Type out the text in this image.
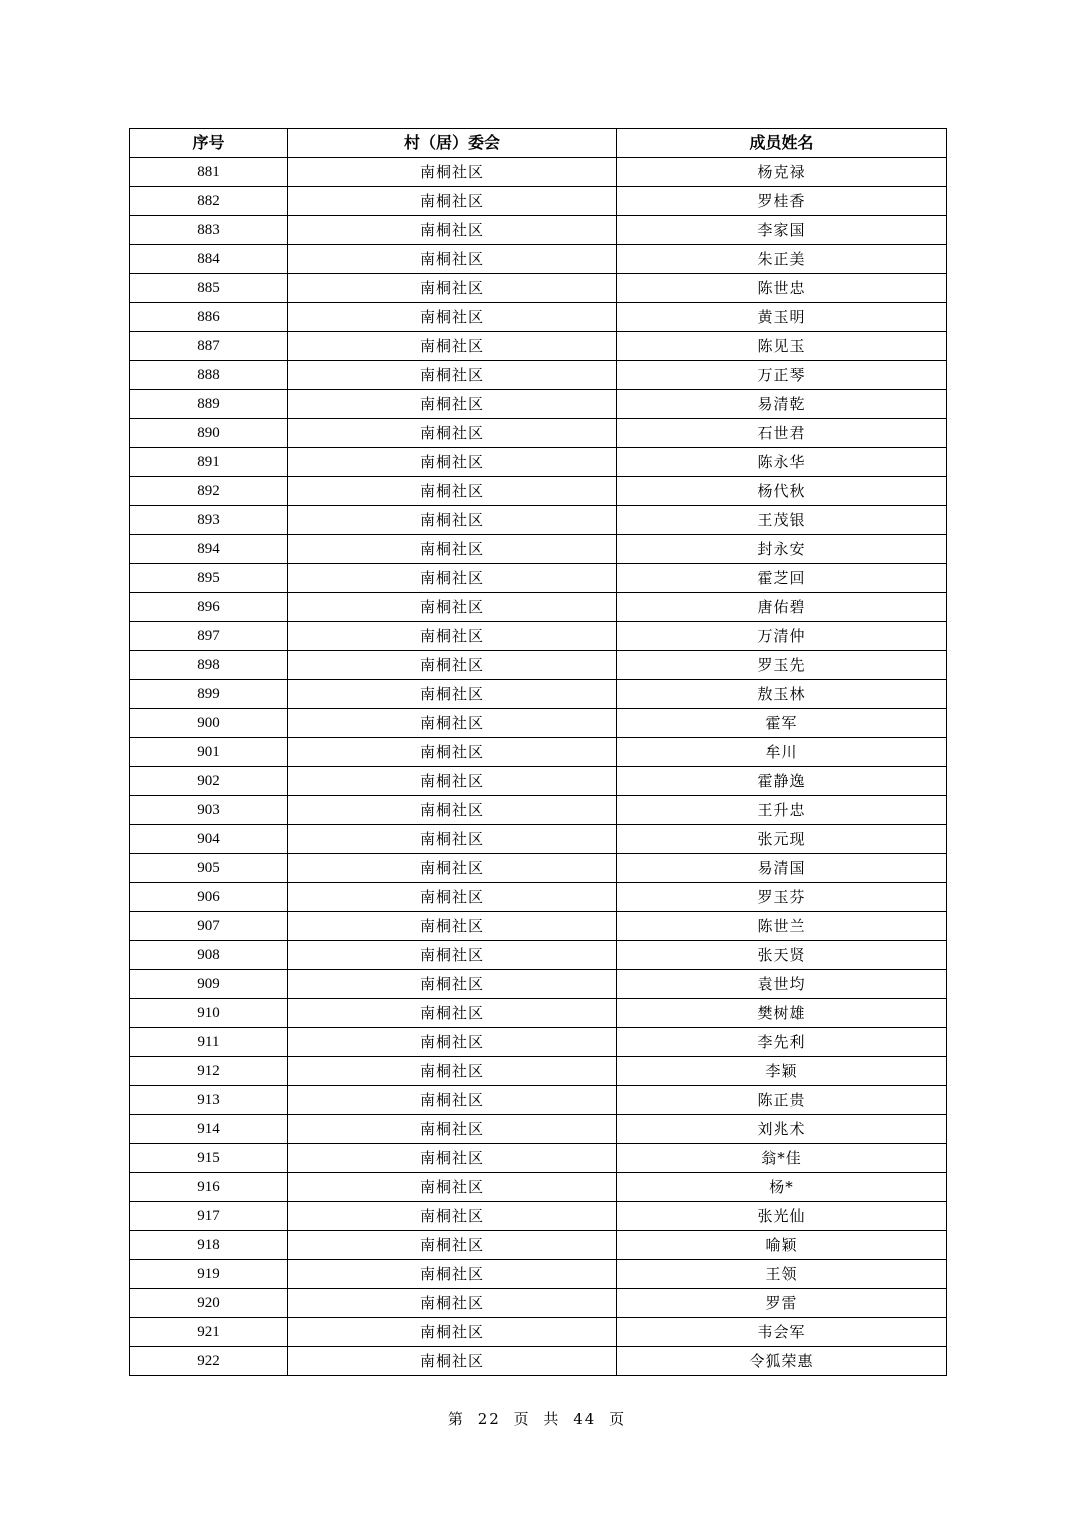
序号	村（居）委会	成员姓名
881	南桐社区	杨克禄
882	南桐社区	罗桂香
883	南桐社区	李家国
884	南桐社区	朱正美
885	南桐社区	陈世忠
886	南桐社区	黄玉明
887	南桐社区	陈见玉
888	南桐社区	万正琴
889	南桐社区	易清乾
890	南桐社区	石世君
891	南桐社区	陈永华
892	南桐社区	杨代秋
893	南桐社区	王茂银
894	南桐社区	封永安
895	南桐社区	霍芝回
896	南桐社区	唐佑碧
897	南桐社区	万清仲
898	南桐社区	罗玉先
899	南桐社区	敖玉林
900	南桐社区	霍军
901	南桐社区	牟川
902	南桐社区	霍静逸
903	南桐社区	王升忠
904	南桐社区	张元现
905	南桐社区	易清国
906	南桐社区	罗玉芬
907	南桐社区	陈世兰
908	南桐社区	张天贤
909	南桐社区	袁世均
910	南桐社区	樊树雄
911	南桐社区	李先利
912	南桐社区	李颖
913	南桐社区	陈正贵
914	南桐社区	刘兆术
915	南桐社区	翁*佳
916	南桐社区	杨*
917	南桐社区	张光仙
918	南桐社区	喻颖
919	南桐社区	王领
920	南桐社区	罗雷
921	南桐社区	韦会军
922	南桐社区	令狐荣惠
第 22 页 共 44 页
